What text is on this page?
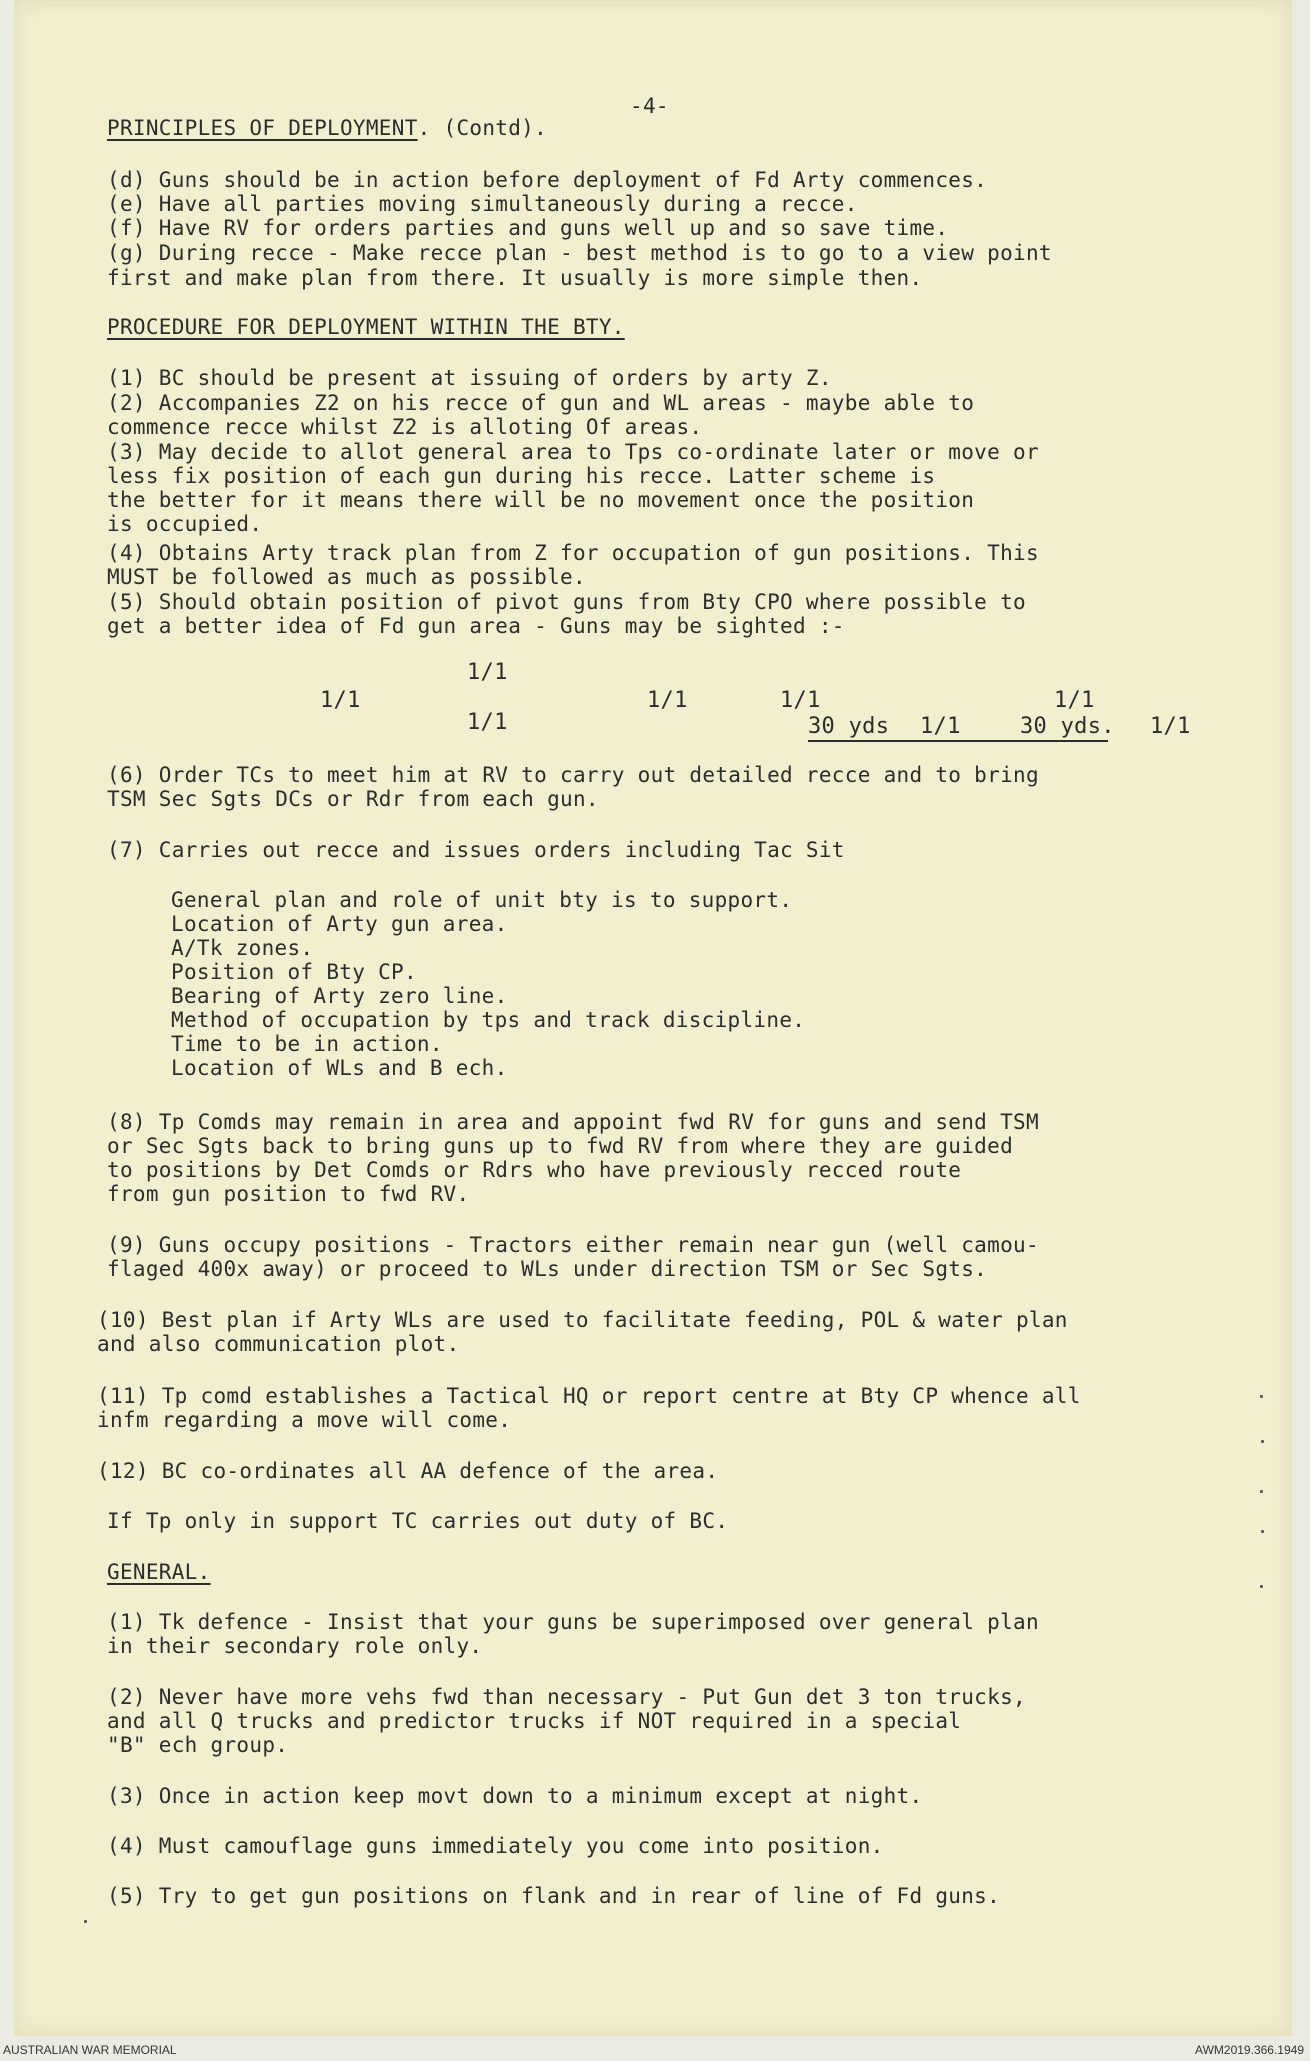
-4-
PRINCIPLES OF DEPLOYMENT. (Contd).
(d) Guns should be in action before deployment of Fd Arty commences.
(e) Have all parties moving simultaneously during a recce.
(f) Have RV for orders parties and guns well up and so save time.
(g) During recce - Make recce plan - best method is to go to a view point
first and make plan from there. It usually is more simple then.
PROCEDURE FOR DEPLOYMENT WITHIN THE BTY.
(1) BC should be present at issuing of orders by arty Z.
(2) Accompanies Z2 on his recce of gun and WL areas - maybe able to
commence recce whilst Z2 is alloting Of areas.
(3) May decide to allot general area to Tps co-ordinate later or move or
less fix position of each gun during his recce. Latter scheme is
the better for it means there will be no movement once the position
is occupied.
(4) Obtains Arty track plan from Z for occupation of gun positions. This
MUST be followed as much as possible.
(5) Should obtain position of pivot guns from Bty CPO where possible to
get a better idea of Fd gun area - Guns may be sighted :-
1/1
1/1
1/1
1/1	1/1	1/1
30 yds 1/1	30 yds. 1/1
(6) Order TCs to meet him at RV to carry out detailed recce and to bring
TSM Sec Sgts DCs or Rdr from each gun.
(7) Carries out recce and issues orders including Tac Sit
General plan and role of unit bty is to support.
Location of Arty gun area.
A/Tk zones.
Position of Bty CP.
Bearing of Arty zero line.
Method of occupation by tps and track discipline.
Time to be in action.
Location of WLs and B ech.
(8) Tp Comds may remain in area and appoint fwd RV for guns and send TSM
or Sec Sgts back to bring guns up to fwd RV from where they are guided
to positions by Det Comds or Rdrs who have previously recced route
from gun position to fwd RV.
(9) Guns occupy positions - Tractors either remain near gun (well camou-
flaged 400x away) or proceed to WLs under direction TSM or Sec Sgts.
(10) Best plan if Arty WLs are used to facilitate feeding, POL & water plan
and also communication plot.
(11) Tp comd establishes a Tactical HQ or report centre at Bty CP whence all
infm regarding a move will come.
(12) BC co-ordinates all AA defence of the area.
If Tp only in support TC carries out duty of BC.
GENERAL.
(1) Tk defence - Insist that your guns be superimposed over general plan
in their secondary role only.
(2) Never have more vehs fwd than necessary - Put Gun det 3 ton trucks,
and all Q trucks and predictor trucks if NOT required in a special
"B" ech group.
(3) Once in action keep movt down to a minimum except at night.
(4) Must camouflage guns immediately you come into position.
(5) Try to get gun positions on flank and in rear of line of Fd guns.
AUSTRALIAN WAR MEMORIAL	AWM2019.366.1949
